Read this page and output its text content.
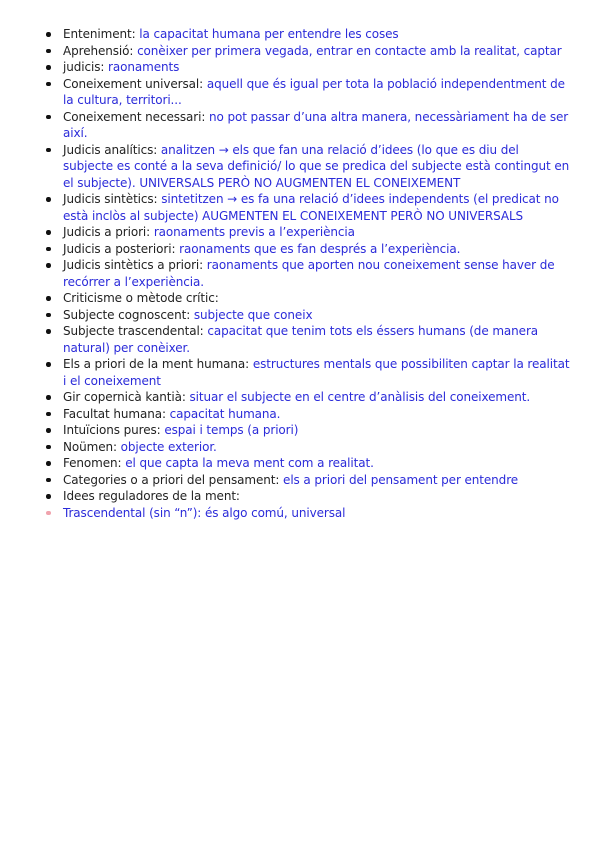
Enteniment: la capacitat humana per entendre les coses
Aprehensió: conèixer per primera vegada, entrar en contacte amb la realitat, captar
judicis: raonaments
Coneixement universal: aquell que és igual per tota la població independentment de la cultura, territori...
Coneixement necessari: no pot passar d’una altra manera, necessàriament ha de ser així.
Judicis analítics: analitzen → els que fan una relació d’idees (lo que es diu del subjecte es conté a la seva definició/ lo que se predica del subjecte està contingut en el subjecte). UNIVERSALS PERÒ NO AUGMENTEN EL CONEIXEMENT
Judicis sintètics: sintetitzen → es fa una relació d’idees independents (el predicat no està inclòs al subjecte) AUGMENTEN EL CONEIXEMENT PERÒ NO UNIVERSALS
Judicis a priori: raonaments previs a l’experiència
Judicis a posteriori: raonaments que es fan després a l’experiència.
Judicis sintètics a priori: raonaments que aporten nou coneixement sense haver de recórrer a l’experiència.
Criticisme o mètode crític:
Subjecte cognoscent: subjecte que coneix
Subjecte trascendental: capacitat que tenim tots els éssers humans (de manera natural) per conèixer.
Els a priori de la ment humana: estructures mentals que possibiliten captar la realitat i el coneixement
Gir copernicà kantià: situar el subjecte en el centre d’anàlisis del coneixement.
Facultat humana: capacitat humana.
Intuïcions pures: espai i temps (a priori)
Noümen: objecte exterior.
Fenomen: el que capta la meva ment com a realitat.
Categories o a priori del pensament: els a priori del pensament per entendre
Idees reguladores de la ment:
Trascendental (sin “n”): és algo comú, universal
